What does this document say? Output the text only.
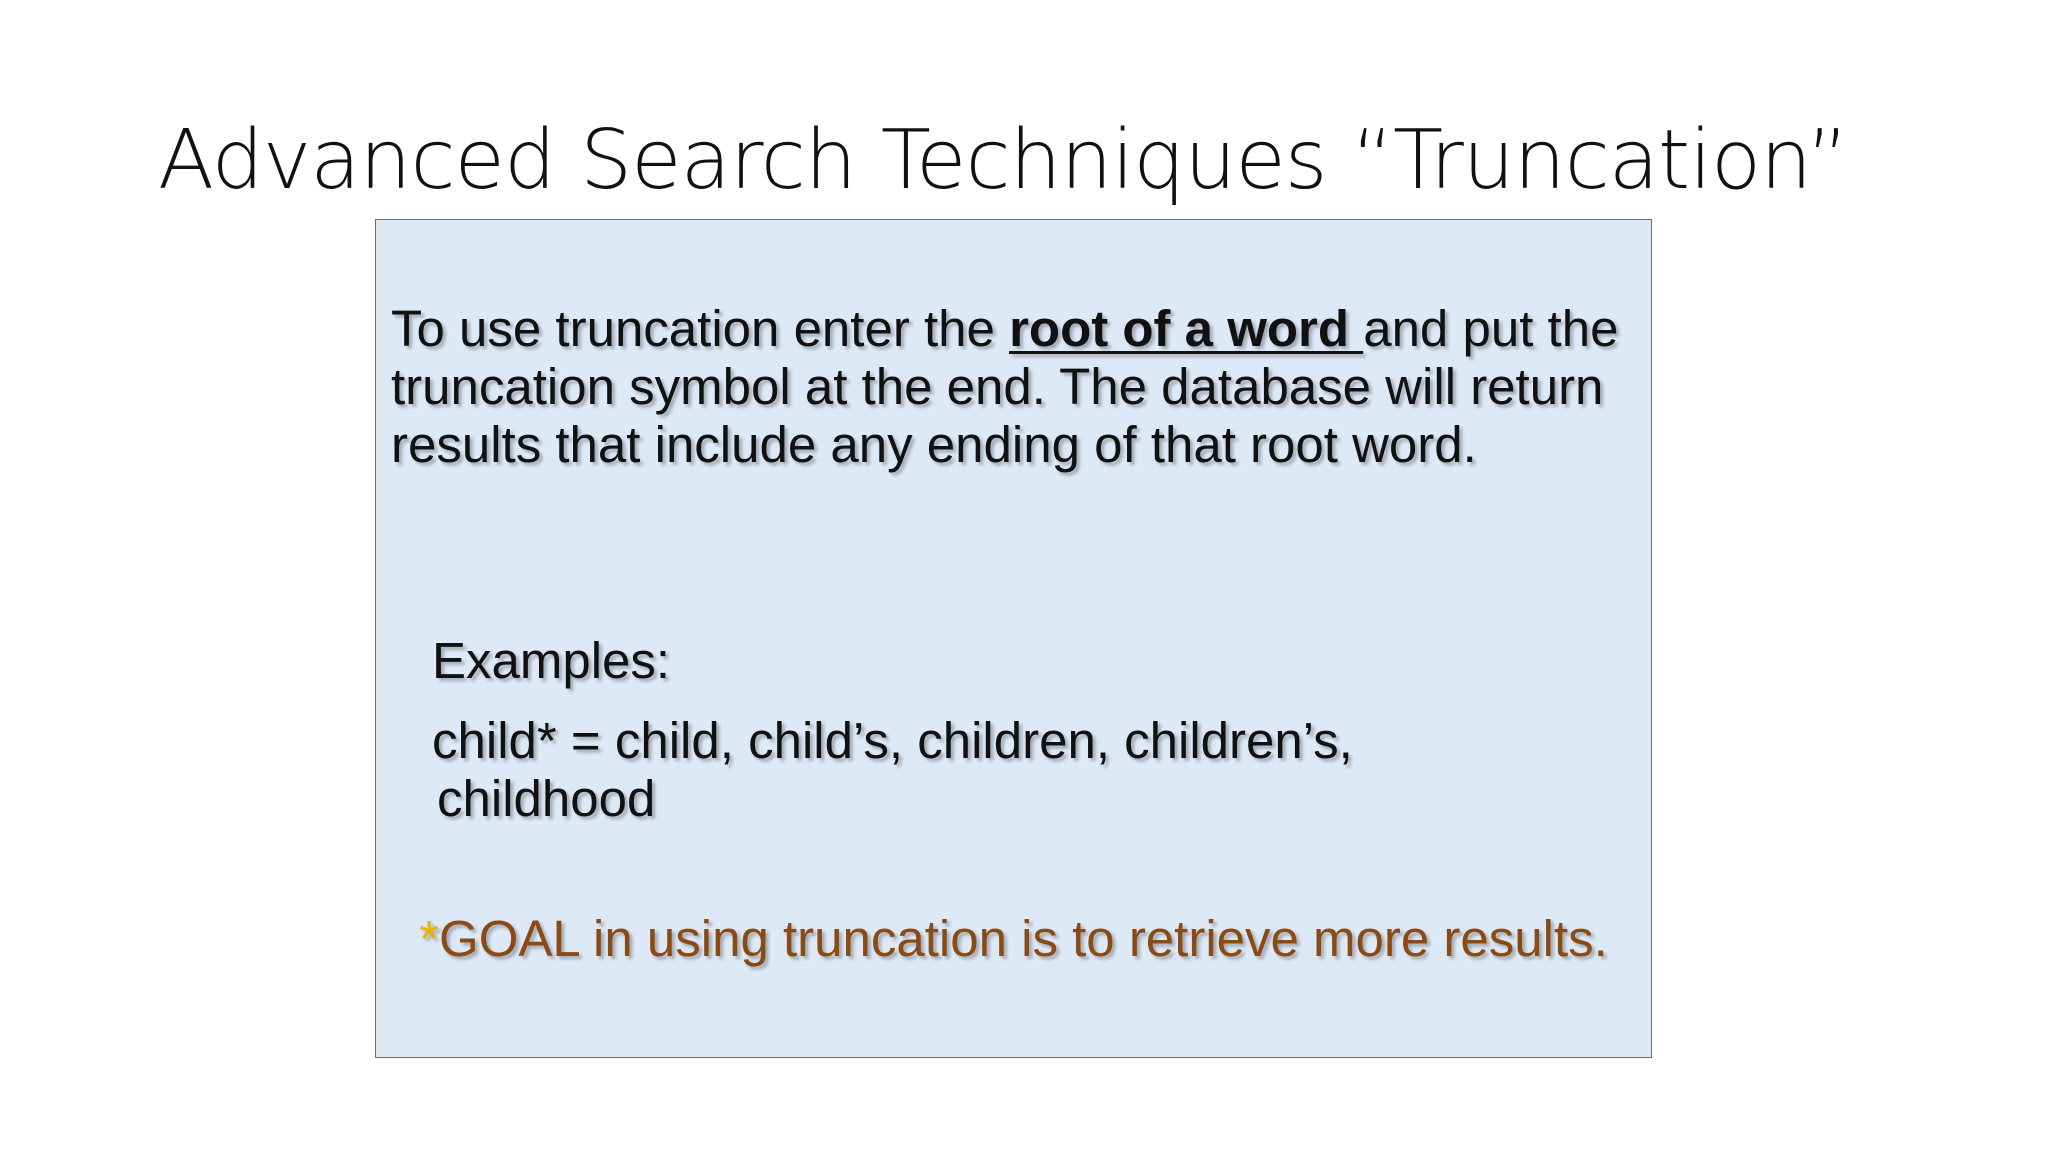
Advanced Search Techniques “Truncation”

To use truncation enter the root of a word and put the truncation symbol at the end. The database will return results that include any ending of that root word.

Examples:

child* = child, child’s, children, children’s, childhood

*GOAL in using truncation is to retrieve more results.
